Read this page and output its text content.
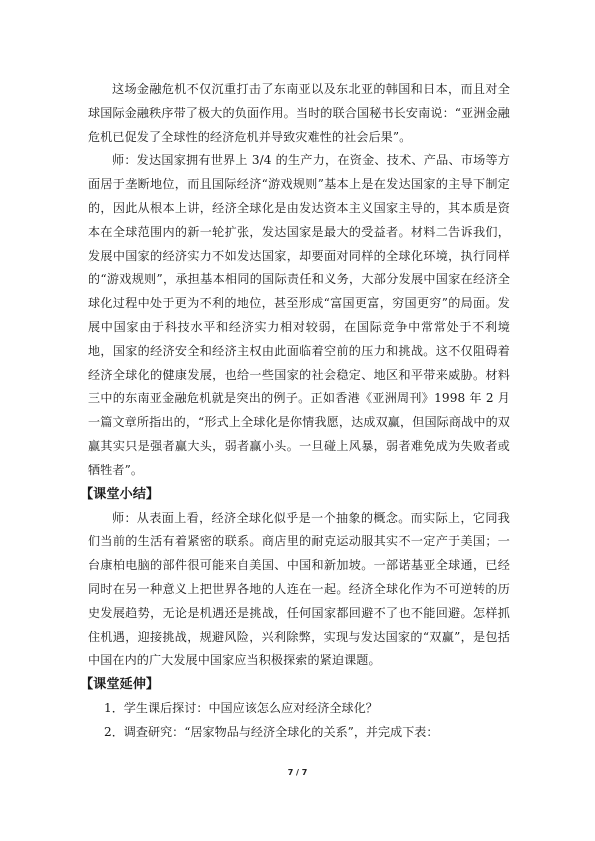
这场金融危机不仅沉重打击了东南亚以及东北亚的韩国和日本，而且对全球国际金融秩序带了极大的负面作用。当时的联合国秘书长安南说：“亚洲金融危机已促发了全球性的经济危机并导致灾难性的社会后果”。

师：发达国家拥有世界上 3/4 的生产力，在资金、技术、产品、市场等方面居于垄断地位，而且国际经济“游戏规则”基本上是在发达国家的主导下制定的，因此从根本上讲，经济全球化是由发达资本主义国家主导的，其本质是资本在全球范围内的新一轮扩张，发达国家是最大的受益者。材料二告诉我们，发展中国家的经济实力不如发达国家，却要面对同样的全球化环境，执行同样的“游戏规则”，承担基本相同的国际责任和义务，大部分发展中国家在经济全球化过程中处于更为不利的地位，甚至形成“富国更富，穷国更穷”的局面。发展中国家由于科技水平和经济实力相对较弱，在国际竞争中常常处于不利境地，国家的经济安全和经济主权由此面临着空前的压力和挑战。这不仅阻碍着经济全球化的健康发展，也给一些国家的社会稳定、地区和平带来威胁。材料三中的东南亚金融危机就是突出的例子。正如香港《亚洲周刊》1998 年 2 月一篇文章所指出的，“形式上全球化是你情我愿，达成双赢，但国际商战中的双赢其实只是强者赢大头，弱者赢小头。一旦碰上风暴，弱者难免成为失败者或牺牲者”。

【课堂小结】

师：从表面上看，经济全球化似乎是一个抽象的概念。而实际上，它同我们当前的生活有着紧密的联系。商店里的耐克运动服其实不一定产于美国；一台康柏电脑的部件很可能来自美国、中国和新加坡。一部诺基亚全球通，已经同时在另一种意义上把世界各地的人连在一起。经济全球化作为不可逆转的历史发展趋势，无论是机遇还是挑战，任何国家都回避不了也不能回避。怎样抓住机遇，迎接挑战，规避风险，兴利除弊，实现与发达国家的“双赢”，是包括中国在内的广大发展中国家应当积极探索的紧迫课题。

【课堂延伸】
1．学生课后探讨：中国应该怎么应对经济全球化？
2．调查研究：“居家物品与经济全球化的关系”，并完成下表：
7 / 7
